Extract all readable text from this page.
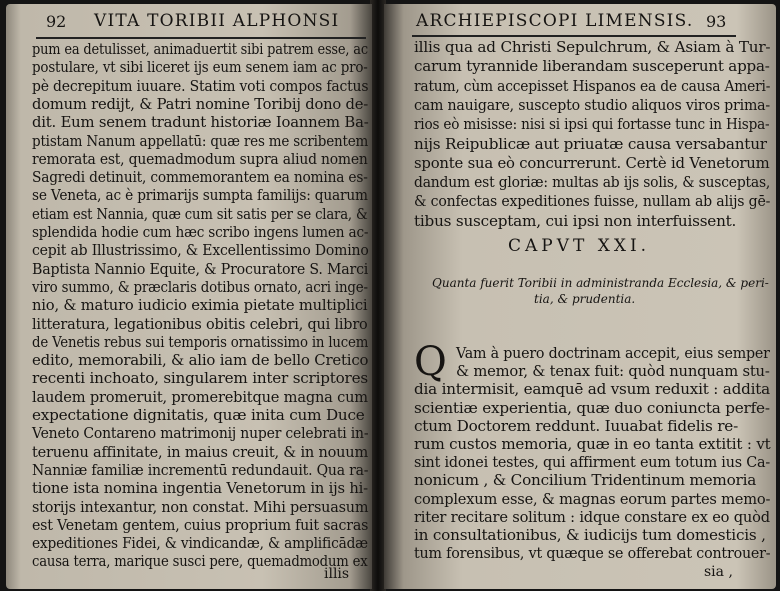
92 VITA TORIBII ALPHONSI
pum ea detulisset, animaduertit sibi patrem esse, ac
postulare, vt sibi liceret ijs eum senem iam ac pro-
pè decrepitum iuuare. Statim voti compos factus
domum redijt, & Patri nomine Toribij dono de-
dit. Eum senem tradunt historiæ Ioannem Ba-
ptistam Nanum appellatū: quæ res me scribentem
remorata est, quemadmodum supra aliud nomen
Sagredi detinuit, commemorantem ea nomina es-
se Veneta, ac è primarijs sumpta familijs: quarum
etiam est Nannia, quæ cum sit satis per se clara, &
splendida hodie cum hæc scribo ingens lumen ac-
cepit ab Illustrissimo, & Excellentissimo Domino
Baptista Nannio Equite, & Procuratore S. Marci
viro summo, & præclaris dotibus ornato, acri inge-
nio, & maturo iudicio eximia pietate multiplici
litteratura, legationibus obitis celebri, qui libro
de Venetis rebus sui temporis ornatissimo in lucem
edito, memorabili, & alio iam de bello Cretico
recenti inchoato, singularem inter scriptores
laudem promeruit, promerebitque magna cum
expectatione dignitatis, quæ inita cum Duce
Veneto Contareno matrimonij nuper celebrati in-
teruenu affinitate, in maius creuit, & in nouum
Nanniæ familiæ incrementū redundauit. Qua ra-
tione ista nomina ingentia Venetorum in ijs hi-
storijs intexantur, non constat. Mihi persuasum
est Venetam gentem, cuius proprium fuit sacras
expeditiones Fidei, & vindicandæ, & amplificādæ
causa terra, marique susci pere, quemadmodum ex
illis
ARCHIEPISCOPI LIMENSIS. 93
illis qua ad Christi Sepulchrum, & Asiam à Tur-
carum tyrannide liberandam susceperunt appa-
ratum, cùm accepisset Hispanos ea de causa Ameri-
cam nauigare, suscepto studio aliquos viros prima-
rios eò misisse: nisi si ipsi qui fortasse tunc in Hispa-
nijs Reipublicæ aut priuatæ causa versabantur
sponte sua eò concurrerunt. Certè id Venetorum
dandum est gloriæ: multas ab ijs solis, & susceptas,
& confectas expeditiones fuisse, nullam ab alijs gē-
tibus susceptam, cui ipsi non interfuissent.
CAPVT XXI.
Quanta fuerit Toribii in administranda Ecclesia, & peri-
tia, & prudentia.
Q Vam à puero doctrinam accepit, eius semper
& memor, & tenax fuit: quòd nunquam stu-
dia intermisit, eamquē ad vsum reduxit : addita
scientiæ experientia, quæ duo coniuncta perfe-
ctum Doctorem reddunt. Iuuabat fidelis re-
rum custos memoria, quæ in eo tanta extitit : vt
sint idonei testes, qui affirment eum totum ius Ca-
nonicum , & Concilium Tridentinum memoria
complexum esse, & magnas eorum partes memo-
riter recitare solitum : idque constare ex eo quòd
in consultationibus, & iudicijs tum domesticis ,
tum forensibus, vt quæque se offerebat controuer-
sia ,
